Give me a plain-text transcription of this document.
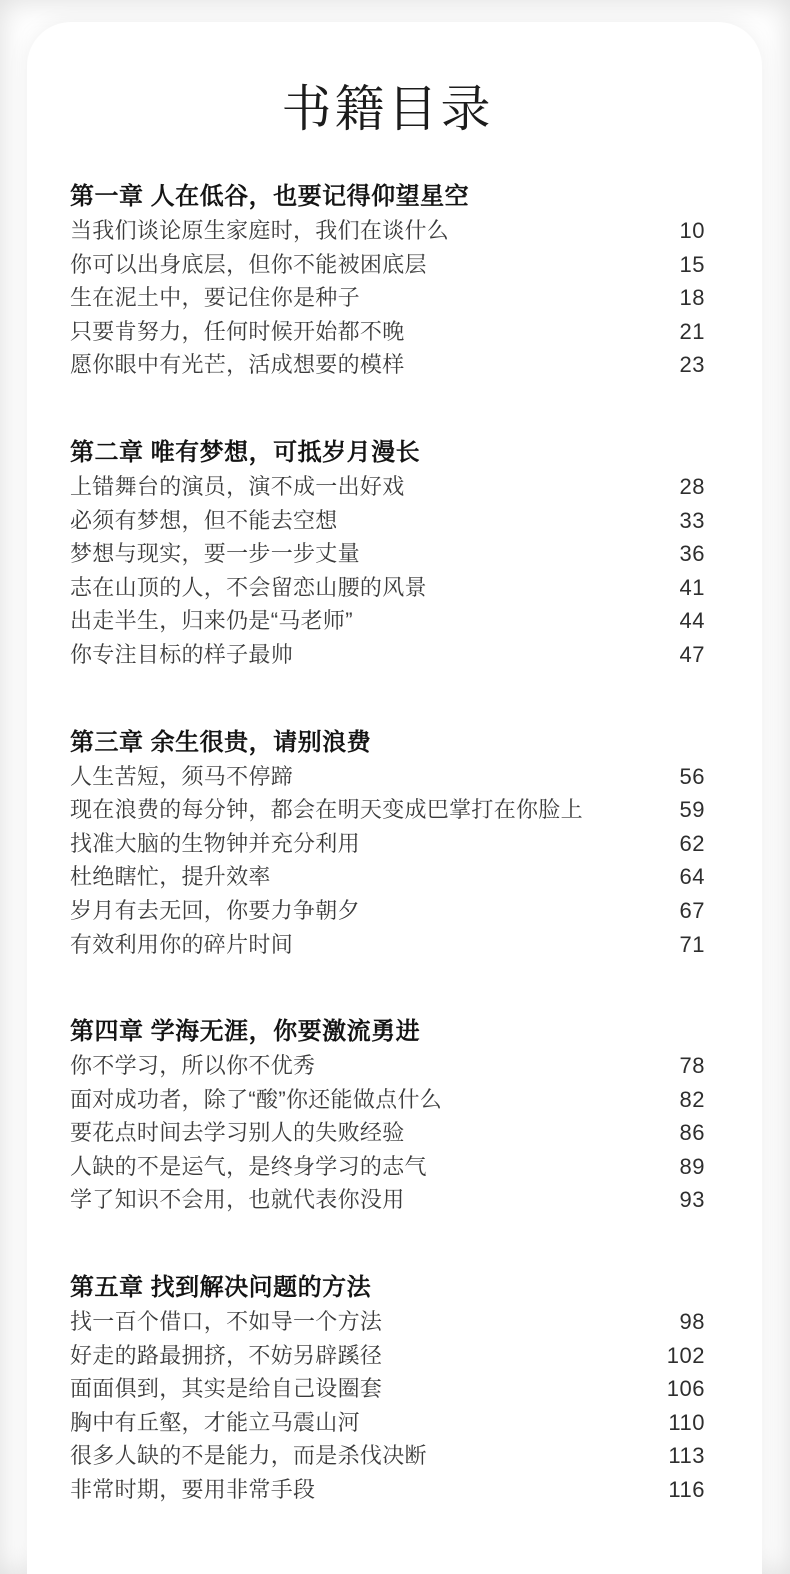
书籍目录
第一章 人在低谷，也要记得仰望星空
当我们谈论原生家庭时，我们在谈什么	10
你可以出身底层，但你不能被困底层	15
生在泥土中，要记住你是种子	18
只要肯努力，任何时候开始都不晚	21
愿你眼中有光芒，活成想要的模样	23
第二章 唯有梦想，可抵岁月漫长
上错舞台的演员，演不成一出好戏	28
必须有梦想，但不能去空想	33
梦想与现实，要一步一步丈量	36
志在山顶的人，不会留恋山腰的风景	41
出走半生，归来仍是“马老师”	44
你专注目标的样子最帅	47
第三章 余生很贵，请别浪费
人生苦短，须马不停蹄	56
现在浪费的每分钟，都会在明天变成巴掌打在你脸上	59
找准大脑的生物钟并充分利用	62
杜绝瞎忙，提升效率	64
岁月有去无回，你要力争朝夕	67
有效利用你的碎片时间	71
第四章 学海无涯，你要激流勇进
你不学习，所以你不优秀	78
面对成功者，除了“酸”你还能做点什么	82
要花点时间去学习别人的失败经验	86
人缺的不是运气，是终身学习的志气	89
学了知识不会用，也就代表你没用	93
第五章 找到解决问题的方法
找一百个借口，不如导一个方法	98
好走的路最拥挤，不妨另辟蹊径	102
面面俱到，其实是给自己设圈套	106
胸中有丘壑，才能立马震山河	110
很多人缺的不是能力，而是杀伐决断	113
非常时期，要用非常手段	116
